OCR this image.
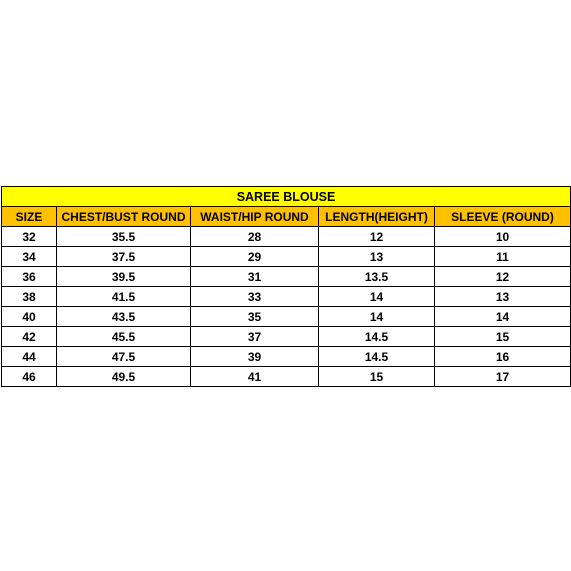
SAREE BLOUSE				
SIZE	CHEST/BUST ROUND	WAIST/HIP ROUND	LENGTH(HEIGHT)	SLEEVE (ROUND)
32	35.5	28	12	10
34	37.5	29	13	11
36	39.5	31	13.5	12
38	41.5	33	14	13
40	43.5	35	14	14
42	45.5	37	14.5	15
44	47.5	39	14.5	16
46	49.5	41	15	17
